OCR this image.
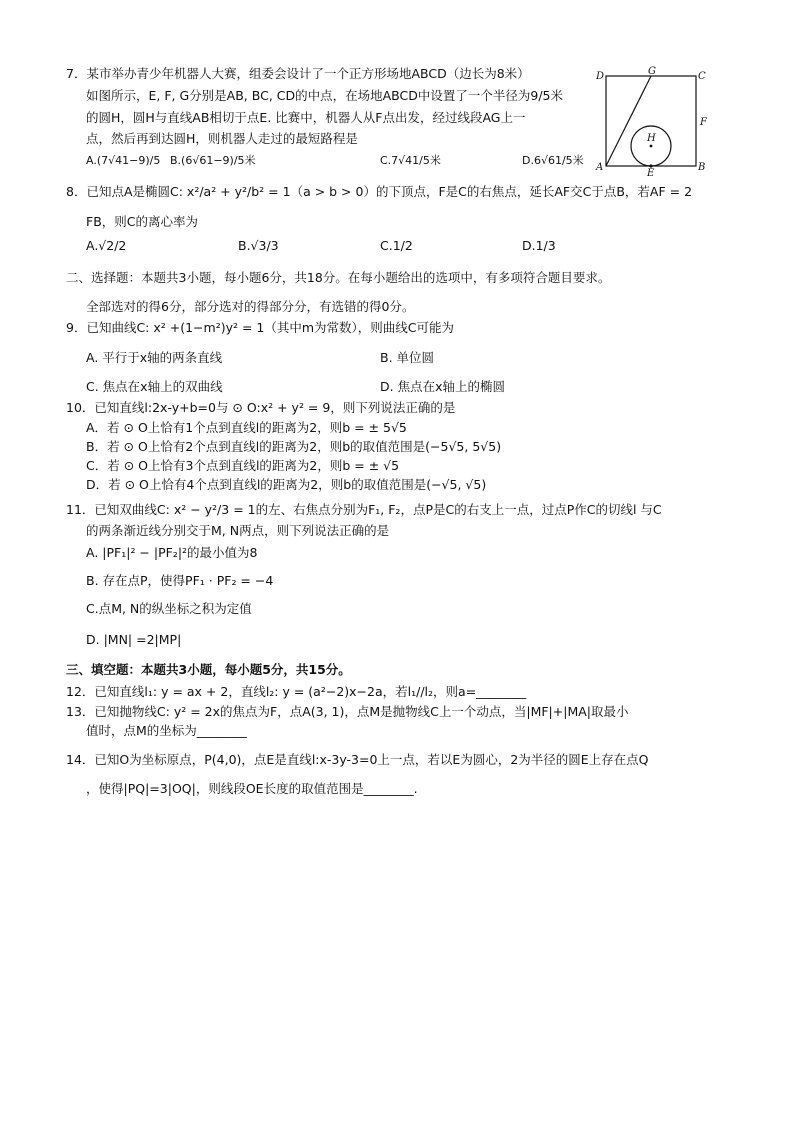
7．某市举办青少年机器人大赛，组委会设计了一个正方形场地ABCD（边长为8米）
如图所示，E, F, G分别是AB, BC, CD的中点，在场地ABCD中设置了一个半径为9/5米
的圆H，圆H与直线AB相切于点E. 比赛中，机器人从F点出发，经过线段AG上一
点，然后再到达圆H，则机器人走过的最短路程是
A.(7√41−9)/5 B.(6√61−9)/5米	C.7√41/5米	D.6√61/5米
D	G	C
F
H
A
E
B
8．已知点A是椭圆C: x²/a² + y²/b² = 1（a > b > 0）的下顶点，F是C的右焦点，延长AF交C于点B，若AF = 2
FB，则C的离心率为
A.√2/2	B.√3/3	C.1/2	D.1/3
二、选择题：本题共3小题，每小题6分，共18分。在每小题给出的选项中，有多项符合题目要求。
全部选对的得6分，部分选对的得部分分，有选错的得0分。
9．已知曲线C: x² +(1−m²)y² = 1（其中m为常数），则曲线C可能为
A. 平行于x轴的两条直线	B. 单位圆
C. 焦点在x轴上的双曲线	D. 焦点在x轴上的椭圆
10．已知直线l:2x-y+b=0与 ⊙ O:x² + y² = 9，则下列说法正确的是
A．若 ⊙ O上恰有1个点到直线l的距离为2，则b = ± 5√5
B．若 ⊙ O上恰有2个点到直线l的距离为2，则b的取值范围是(−5√5, 5√5)
C．若 ⊙ O上恰有3个点到直线l的距离为2，则b = ± √5
D．若 ⊙ O上恰有4个点到直线l的距离为2，则b的取值范围是(−√5, √5)
11．已知双曲线C: x² − y²/3 = 1的左、右焦点分别为F₁, F₂，点P是C的右支上一点，过点P作C的切线l 与C
的两条渐近线分别交于M, N两点，则下列说法正确的是
A. |PF₁|² − |PF₂|²的最小值为8
B. 存在点P，使得PF₁ · PF₂ = −4
C.点M, N的纵坐标之积为定值
D. |MN| =2|MP|
三、填空题：本题共3小题，每小题5分，共15分。
12．已知直线l₁: y = ax + 2，直线l₂: y = (a²−2)x−2a，若l₁//l₂，则a=________
13．已知抛物线C: y² = 2x的焦点为F，点A(3, 1)，点M是抛物线C上一个动点，当|MF|+|MA|取最小
值时，点M的坐标为________
14．已知O为坐标原点，P(4,0)，点E是直线l:x-3y-3=0上一点，若以E为圆心，2为半径的圆E上存在点Q
，使得|PQ|=3|OQ|，则线段OE长度的取值范围是________.
